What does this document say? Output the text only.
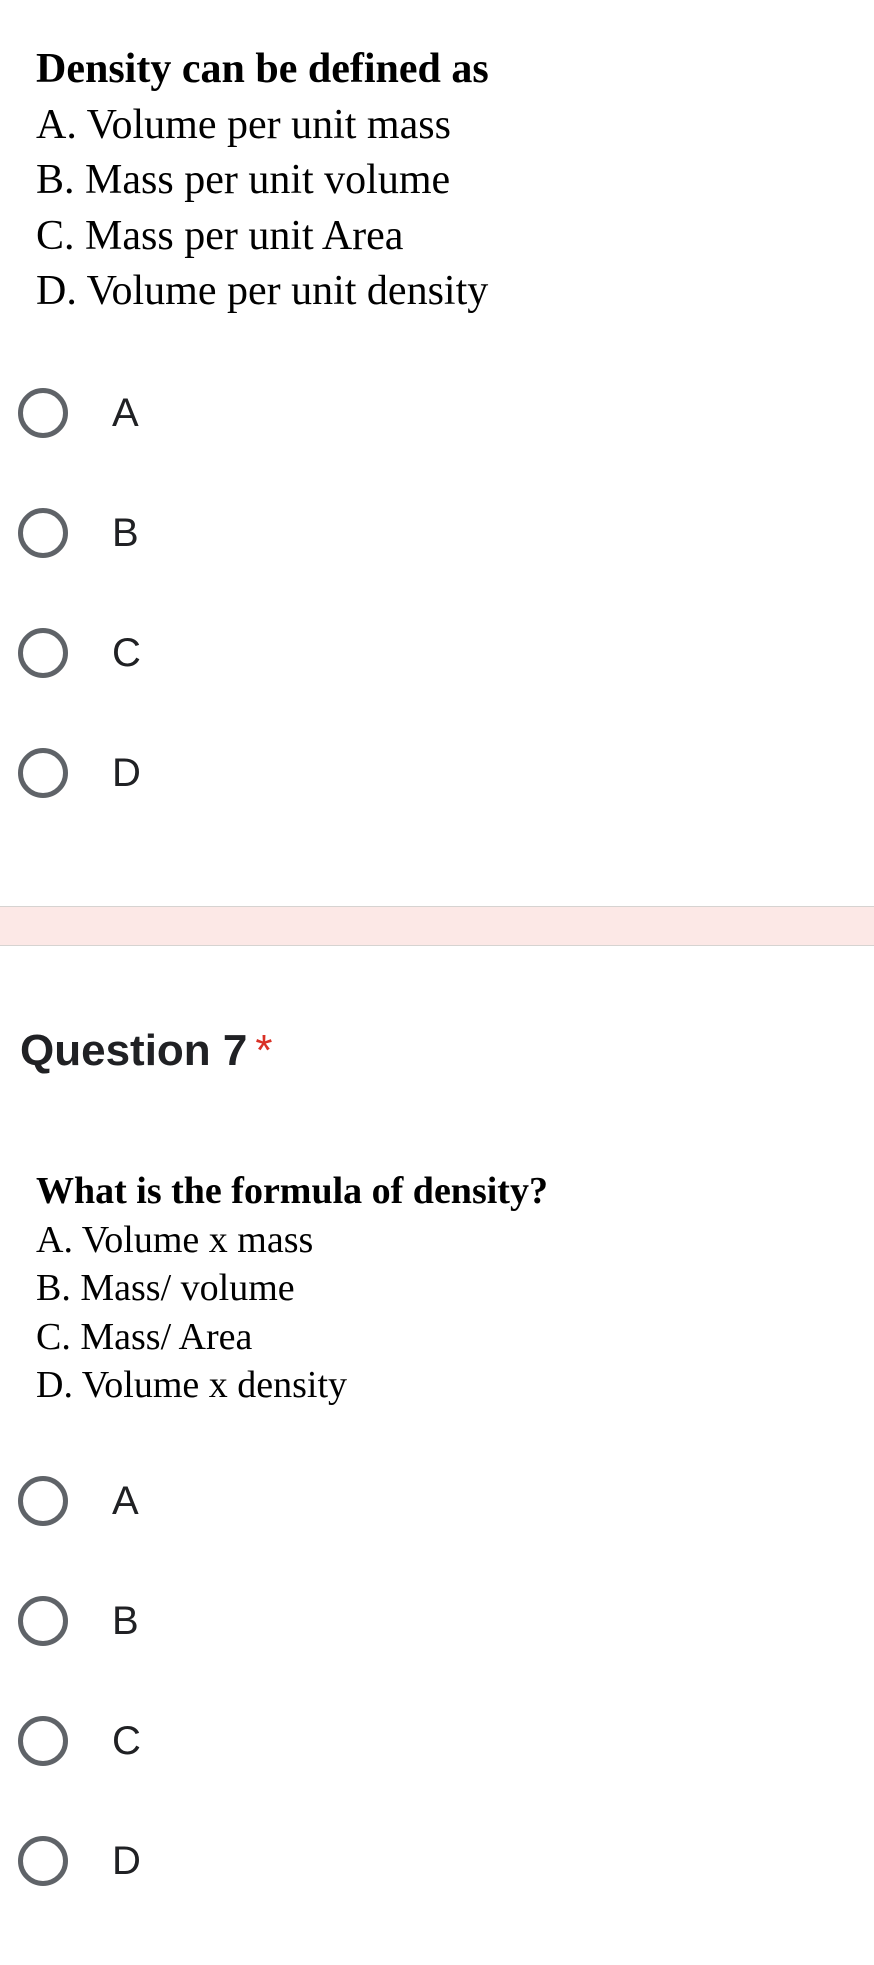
Density can be defined as
A. Volume per unit mass
B. Mass per unit volume
C. Mass per unit Area
D. Volume per unit density
A
B
C
D
Question 7 *
What is the formula of density?
A. Volume x mass
B. Mass/ volume
C. Mass/ Area
D. Volume x density
A
B
C
D
